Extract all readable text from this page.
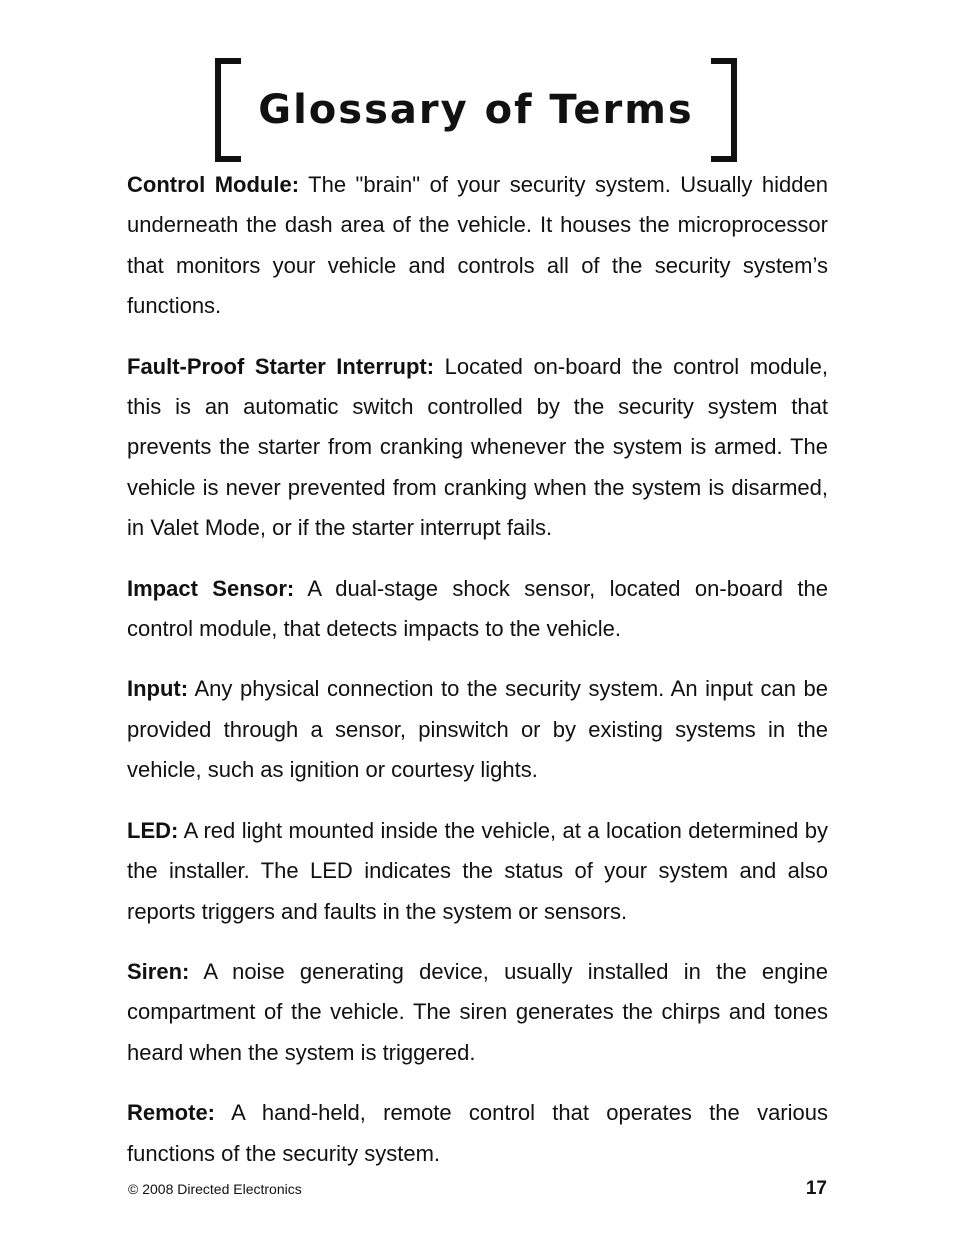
Glossary of Terms

Control Module: The "brain" of your security system. Usually hidden underneath the dash area of the vehicle. It houses the microprocessor that monitors your vehicle and controls all of the security system’s functions.

Fault-Proof Starter Interrupt: Located on-board the control module, this is an automatic switch controlled by the security system that prevents the starter from cranking whenever the system is armed. The vehicle is never prevented from cranking when the system is disarmed, in Valet Mode, or if the starter interrupt fails.

Impact Sensor: A dual-stage shock sensor, located on-board the control module, that detects impacts to the vehicle.

Input: Any physical connection to the security system. An input can be provided through a sensor, pinswitch or by existing systems in the vehicle, such as ignition or courtesy lights.

LED: A red light mounted inside the vehicle, at a location determined by the installer. The LED indicates the status of your system and also reports triggers and faults in the system or sensors.

Siren: A noise generating device, usually installed in the engine compartment of the vehicle. The siren generates the chirps and tones heard when the system is triggered.

Remote: A hand-held, remote control that operates the various functions of the security system.

© 2008 Directed Electronics	17
